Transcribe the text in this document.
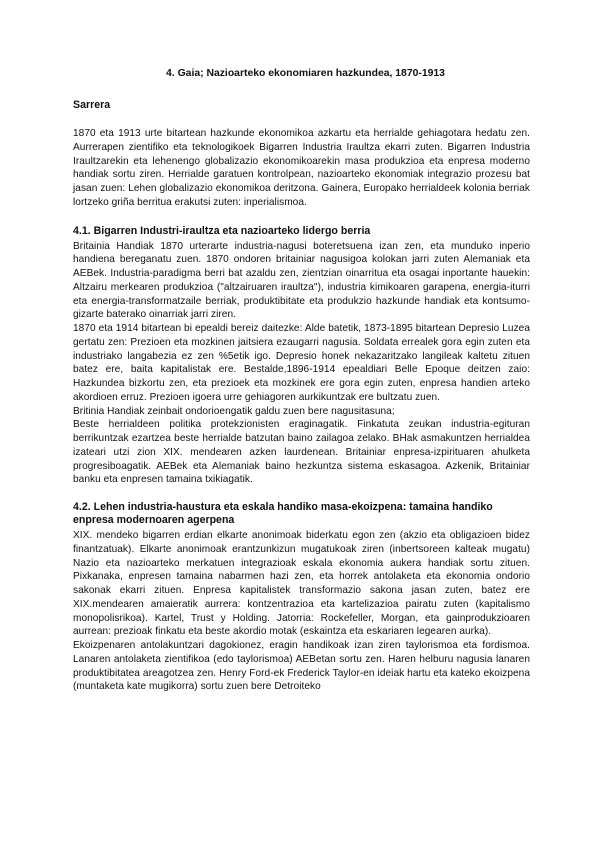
4. Gaia; Nazioarteko ekonomiaren hazkundea, 1870-1913
Sarrera

1870 eta 1913 urte bitartean hazkunde ekonomikoa azkartu eta herrialde gehiagotara hedatu zen. Aurrerapen zientifiko eta teknologikoek Bigarren Industria Iraultza ekarri zuten. Bigarren Industria Iraultzarekin eta lehenengo globalizazio ekonomikoarekin masa produkzioa eta enpresa moderno handiak sortu ziren. Herrialde garatuen kontrolpean, nazioarteko ekonomiak integrazio prozesu bat jasan zuen: Lehen globalizazio ekonomikoa deritzona. Gainera, Europako herrialdeek kolonia berriak lortzeko griña berritua erakutsi zuten: inperialismoa.

4.1. Bigarren Industri-iraultza eta nazioarteko lidergo berria

Britainia Handiak 1870 urterarte industria-nagusi boteretsuena izan zen, eta munduko inperio handiena bereganatu zuen. 1870 ondoren britainiar nagusigoa kolokan jarri zuten Alemaniak eta AEBek. Industria-paradigma berri bat azaldu zen, zientzian oinarritua eta osagai inportante hauekin: Altzairu merkearen produkzioa ("altzairuaren iraultza"), industria kimikoaren garapena, energia-iturri eta energia-transformatzaile berriak, produktibitate eta produkzio hazkunde handiak eta kontsumo-gizarte baterako oinarriak jarri ziren.

1870 eta 1914 bitartean bi epealdi bereiz daitezke: Alde batetik, 1873-1895 bitartean Depresio Luzea gertatu zen: Prezioen eta mozkinen jaitsiera ezaugarri nagusia. Soldata errealek gora egin zuten eta industriako langabezia ez zen %5etik igo. Depresio honek nekazaritzako langileak kaltetu zituen batez ere, baita kapitalistak ere. Bestalde,1896-1914 epealdiari Belle Epoque deitzen zaio: Hazkundea bizkortu zen, eta prezioek eta mozkinek ere gora egin zuten, enpresa handien arteko akordioen erruz. Prezioen igoera urre gehiagoren aurkikuntzak ere bultzatu zuen.

Britinia Handiak zeinbait ondorioengatik galdu zuen bere nagusitasuna;

Beste herrialdeen politika protekzionisten eraginagatik. Finkatuta zeukan industria-egituran berrikuntzak ezartzea beste herrialde batzutan baino zailagoa zelako. BHak asmakuntzen herrialdea izateari utzi zion XIX. mendearen azken laurdenean. Britainiar enpresa-izpirituaren ahulketa progresiboagatik. AEBek eta Alemaniak baino hezkuntza sistema eskasagoa. Azkenik, Britainiar banku eta enpresen tamaina txikiagatik.

4.2. Lehen industria-haustura eta eskala handiko masa-ekoizpena: tamaina handiko
enpresa modernoaren agerpena

XIX. mendeko bigarren erdian elkarte anonimoak biderkatu egon zen (akzio eta obligazioen bidez finantzatuak). Elkarte anonimoak erantzunkizun mugatukoak ziren (inbertsoreen kalteak mugatu) Nazio eta nazioarteko merkatuen integrazioak eskala ekonomia aukera handiak sortu zituen. Pixkanaka, enpresen tamaina nabarmen hazi zen, eta horrek antolaketa eta ekonomia ondorio sakonak ekarri zituen. Enpresa kapitalistek transformazio sakona jasan zuten, batez ere XIX.mendearen amaieratik aurrera: kontzentrazioa eta kartelizazioa pairatu zuten (kapitalismo monopolisrikoa). Kartel, Trust y Holding. Jatorria: Rockefeller, Morgan, eta gainprodukzioaren aurrean: prezioak finkatu eta beste akordio motak (eskaintza eta eskariaren legearen aurka).

Ekoizpenaren antolakuntzari dagokionez, eragin handikoak izan ziren taylorismoa eta fordismoa. Lanaren antolaketa zientifikoa (edo taylorismoa) AEBetan sortu zen. Haren helburu nagusia lanaren produktibitatea areagotzea zen. Henry Ford-ek Frederick Taylor-en ideiak hartu eta kateko ekoizpena (muntaketa kate mugikorra) sortu zuen bere Detroiteko
